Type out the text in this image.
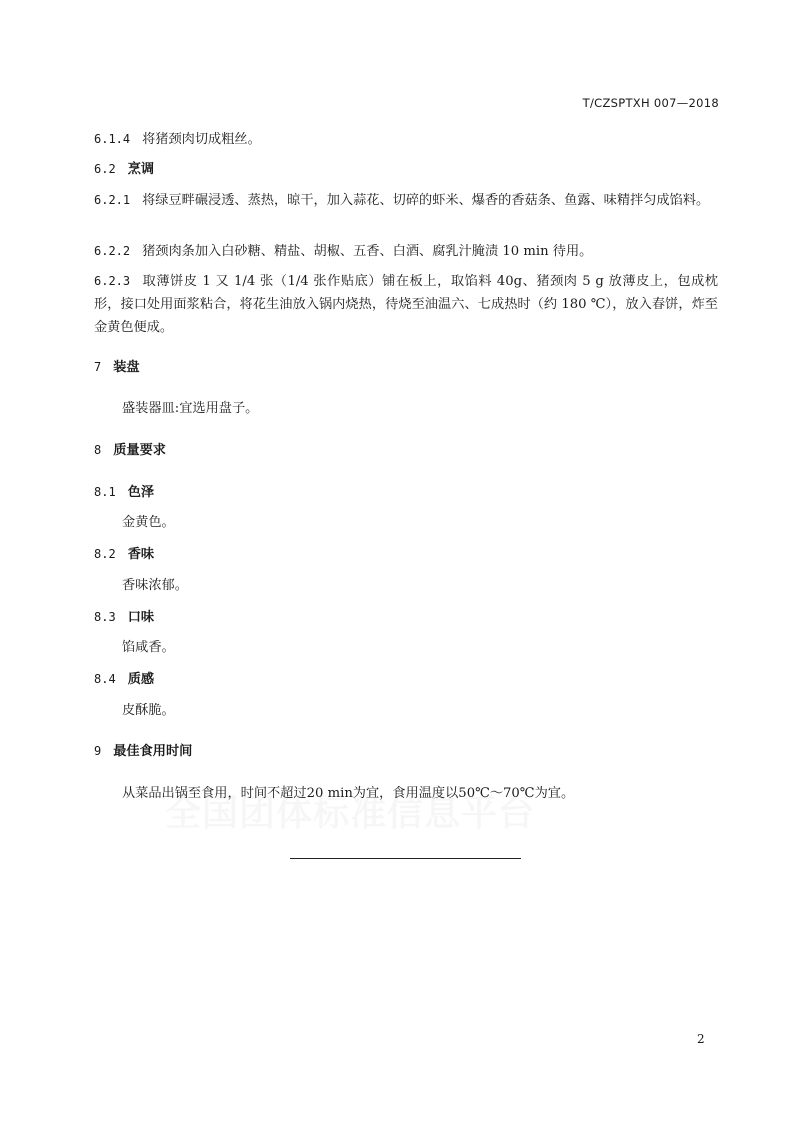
T/CZSPTXH 007—2018
6.1.4 将猪颈肉切成粗丝。
6.2 烹调
6.2.1 将绿豆畔碾浸透、蒸热，晾干，加入蒜花、切碎的虾米、爆香的香菇条、鱼露、味精拌匀成馅料。
6.2.2 猪颈肉条加入白砂糖、精盐、胡椒、五香、白酒、腐乳汁腌渍 10 min 待用。
6.2.3 取薄饼皮 1 又 1/4 张（1/4 张作贴底）铺在板上，取馅料 40g、猪颈肉 5 g 放薄皮上，包成枕形，接口处用面浆粘合，将花生油放入锅内烧热，待烧至油温六、七成热时（约 180 ℃），放入春饼，炸至金黄色便成。
7 装盘
盛装器皿:宜选用盘子。
8 质量要求
8.1 色泽
金黄色。
8.2 香味
香味浓郁。
8.3 口味
馅咸香。
8.4 质感
皮酥脆。
9 最佳食用时间
从菜品出锅至食用，时间不超过20 min为宜，食用温度以50℃～70℃为宜。
2
